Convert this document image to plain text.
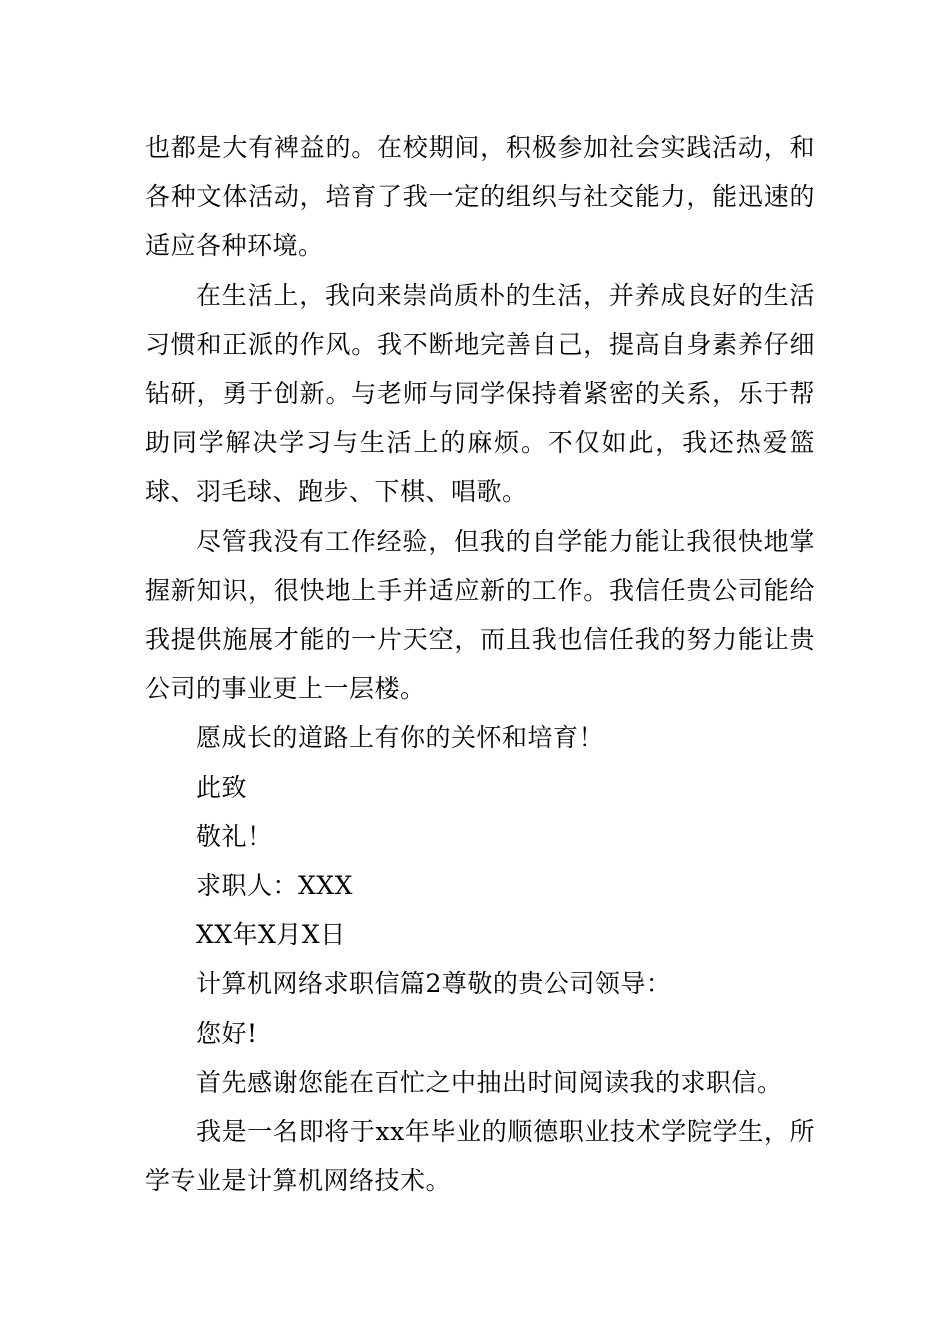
也都是大有裨益的。在校期间，积极参加社会实践活动，和各种文体活动，培育了我一定的组织与社交能力，能迅速的适应各种环境。

在生活上，我向来崇尚质朴的生活，并养成良好的生活习惯和正派的作风。我不断地完善自己，提高自身素养仔细钻研，勇于创新。与老师与同学保持着紧密的关系，乐于帮助同学解决学习与生活上的麻烦。不仅如此，我还热爱篮球、羽毛球、跑步、下棋、唱歌。

尽管我没有工作经验，但我的自学能力能让我很快地掌握新知识，很快地上手并适应新的工作。我信任贵公司能给我提供施展才能的一片天空，而且我也信任我的努力能让贵公司的事业更上一层楼。

愿成长的道路上有你的关怀和培育！

此致

敬礼！

求职人：XXX

XX年X月X日

计算机网络求职信篇2尊敬的贵公司领导：

您好!

首先感谢您能在百忙之中抽出时间阅读我的求职信。

我是一名即将于xx年毕业的顺德职业技术学院学生，所学专业是计算机网络技术。
